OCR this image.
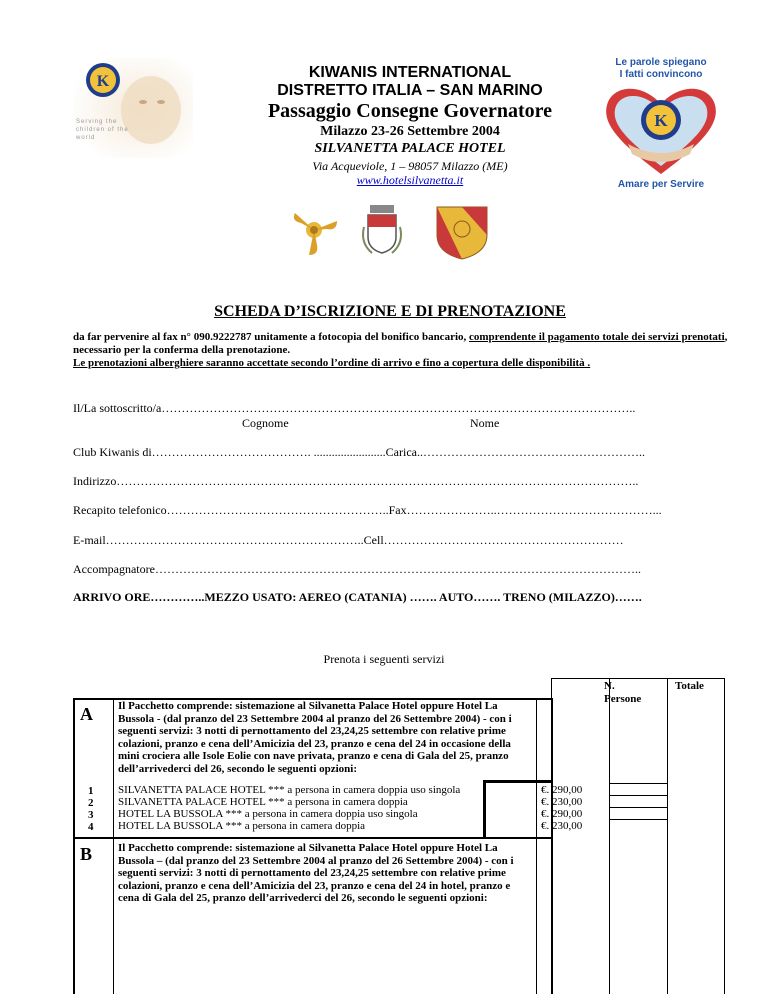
K
Serving the children of the world
KIWANIS INTERNATIONAL
DISTRETTO ITALIA – SAN MARINO
Passaggio Consegne Governatore
Milazzo 23-26 Settembre 2004
SILVANETTA PALACE HOTEL
Via Acqueviole, 1 – 98057 Milazzo (ME)
www.hotelsilvanetta.it
Le parole spiegano
I fatti convincono
K
Amare per Servire
SCHEDA D’ISCRIZIONE E DI PRENOTAZIONE
da far pervenire al fax n° 090.9222787 unitamente a fotocopia del bonifico bancario, comprendente il pagamento totale dei servizi prenotati, necessario per la conferma della prenotazione.
Le prenotazioni alberghiere saranno accettate secondo l’ordine di arrivo e fino a copertura delle disponibilità .
Il/La sottoscritto/a………………………………………………………………………………………………………..
Cognome	Nome
Club Kiwanis di…………………………………. ........................Carica..………………………………………………..
Indirizzo…………………………………………………………………………………………………………………..
Recapito telefonico………………………………………………..Fax…………………..…………………………………...
E-mail………………………………………………………..Cell……………………………………………………
Accompagnatore…………………………………………………………………………………………………………..
ARRIVO ORE…………..MEZZO USATO: AEREO (CATANIA) ……. AUTO……. TRENO (MILAZZO)…….
Prenota i seguenti servizi
N. Persone
Totale
A Il Pacchetto comprende: sistemazione al Silvanetta Palace Hotel oppure Hotel La Bussola - (dal pranzo del 23 Settembre 2004 al pranzo del 26 Settembre 2004) - con i seguenti servizi: 3 notti di pernottamento del 23,24,25 settembre con relative prime colazioni, pranzo e cena dell’Amicizia del 23, pranzo e cena del 24 in occasione della mini crociera alle Isole Eolie con nave privata, pranzo e cena di Gala del 25, pranzo dell’arrivederci del 26, secondo le seguenti opzioni:
1 SILVANETTA PALACE HOTEL *** a persona in camera doppia uso singola	€. 290,00
2 SILVANETTA PALACE HOTEL *** a persona in camera doppia	€. 230,00
3 HOTEL LA BUSSOLA *** a persona in camera doppia uso singola	€. 290,00
4 HOTEL LA BUSSOLA *** a persona in camera doppia	€. 230,00
B Il Pacchetto comprende: sistemazione al Silvanetta Palace Hotel oppure Hotel La Bussola – (dal pranzo del 23 Settembre 2004 al pranzo del 26 Settembre 2004) - con i seguenti servizi: 3 notti di pernottamento del 23,24,25 settembre con relative prime colazioni, pranzo e cena dell’Amicizia del 23, pranzo e cena del 24 in hotel, pranzo e cena di Gala del 25, pranzo dell’arrivederci del 26, secondo le seguenti opzioni:
